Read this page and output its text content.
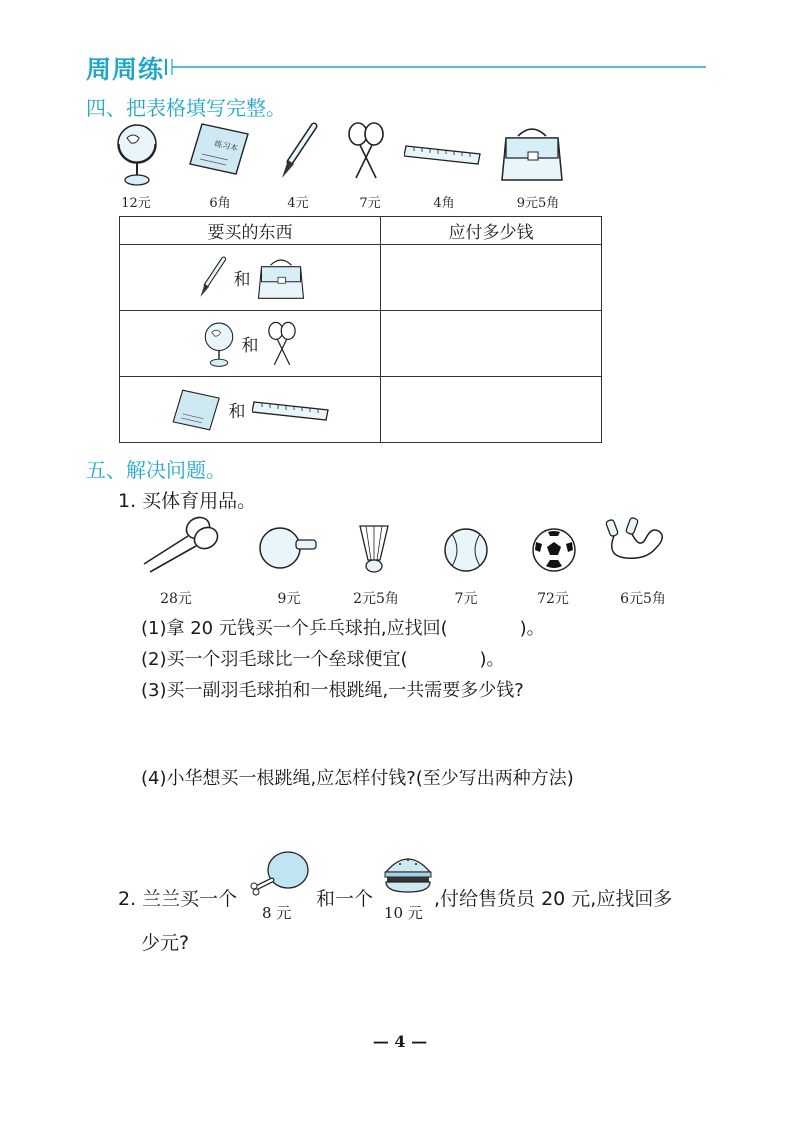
周周练
四、把表格填写完整。
练习本
12元	6角	4元	7元	4角	9元5角
要买的东西	应付多少钱

和	

和	

和	

五、解决问题。
1. 买体育用品。
28元	9元	2元5角	7元	72元	6元5角
(1)拿 20 元钱买一个乒乓球拍,应找回(	)。
(2)买一个羽毛球比一个垒球便宜(	)。
(3)买一副羽毛球拍和一根跳绳,一共需要多少钱?
(4)小华想买一根跳绳,应怎样付钱?(至少写出两种方法)
2. 兰兰买一个
8 元
和一个
10 元
,付给售货员 20 元,应找回多
少元?
— 4 —
